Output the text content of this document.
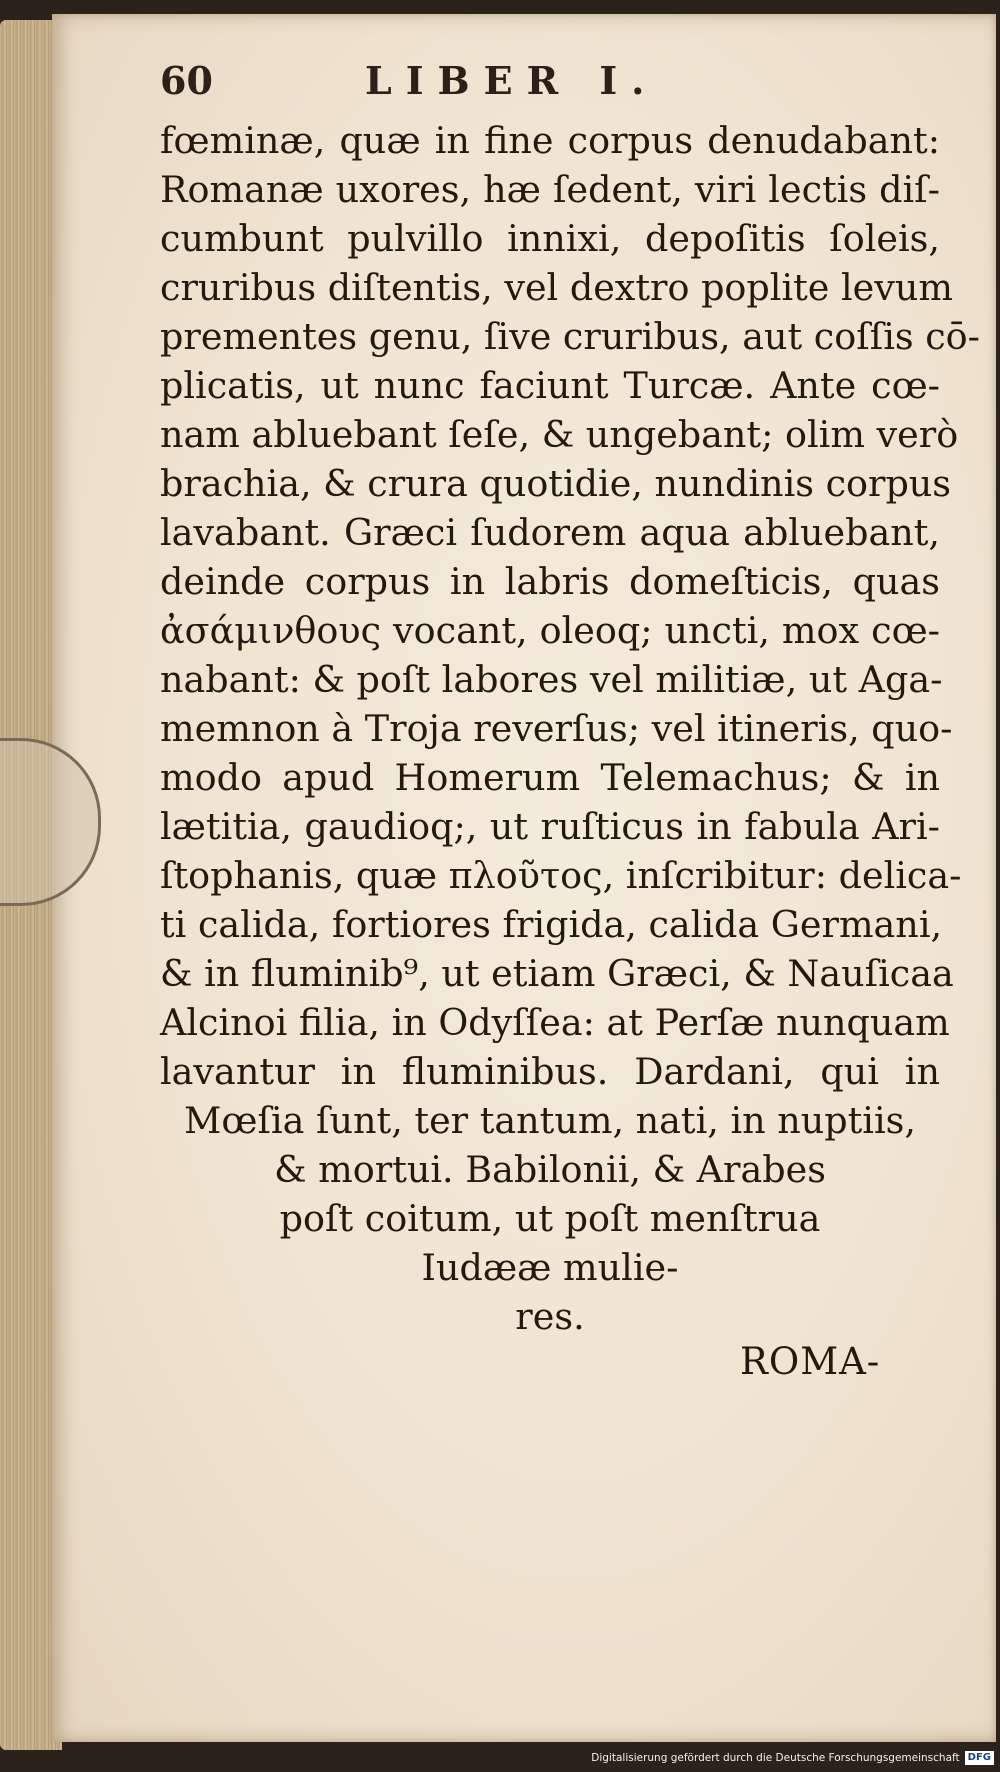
60	LIBER I.
fœminæ, quæ in fine corpus denudabant:
Romanæ uxores, hæ ſedent, viri lectis diſ-
cumbunt pulvillo innixi, depoſitis ſoleis,
cruribus diſtentis, vel dextro poplite levum
prementes genu, ſive cruribus, aut coſſis cō-
plicatis, ut nunc faciunt Turcæ. Ante cœ-
nam abluebant ſeſe, & ungebant; olim verò
brachia, & crura quotidie, nundinis corpus
lavabant. Græci ſudorem aqua abluebant,
deinde corpus in labris domeſticis, quas
ἀσάμινθους vocant, oleoq; uncti, mox cœ-
nabant: & poſt labores vel militiæ, ut Aga-
memnon à Troja reverſus; vel itineris, quo-
modo apud Homerum Telemachus; & in
lætitia, gaudioq;, ut ruſticus in fabula Ari-
ſtophanis, quæ πλοῦτος, inſcribitur: delica-
ti calida, fortiores frigida, calida Germani,
& in fluminib⁹, ut etiam Græci, & Nauſicaa
Alcinoi filia, in Odyſſea: at Perſæ nunquam
lavantur in fluminibus. Dardani, qui in
Mœſia ſunt, ter tantum, nati, in nuptiis,
& mortui. Babilonii, & Arabes
poſt coitum, ut poſt menſtrua
Iudææ mulie-
res.
ROMA-
Digitalisierung gefördert durch die Deutsche Forschungsgemeinschaft DFG
